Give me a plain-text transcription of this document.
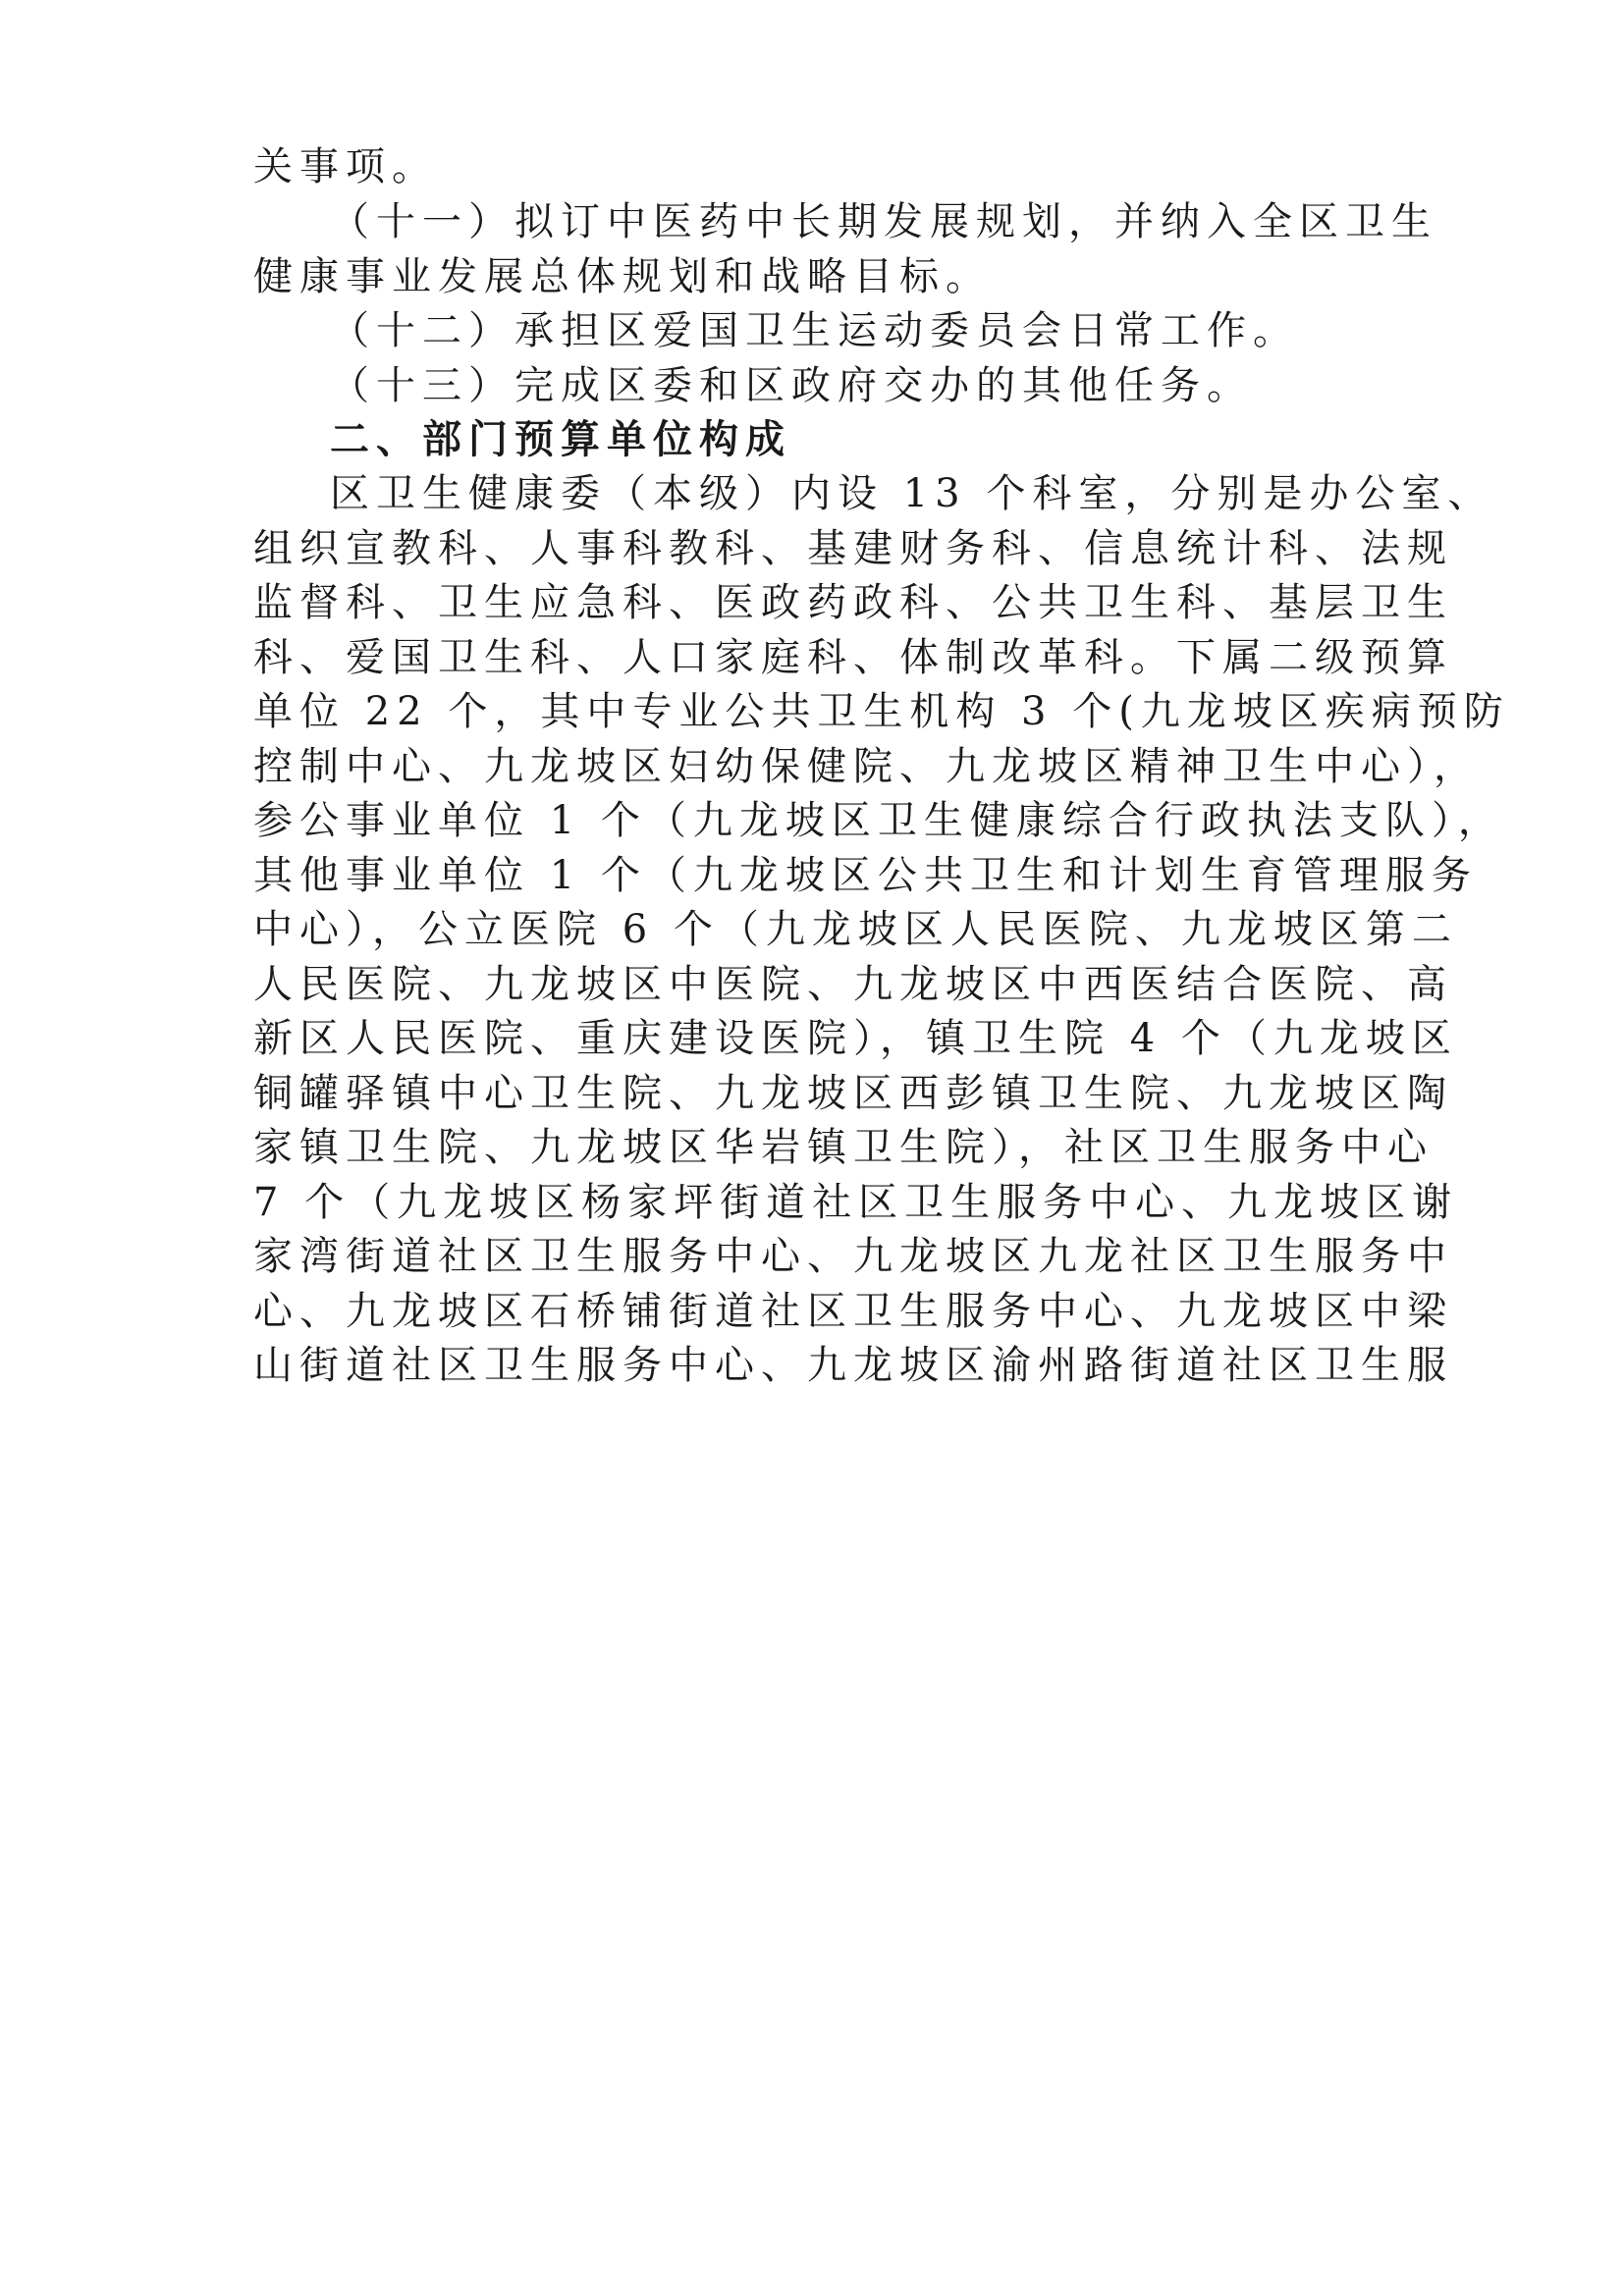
关事项。
（十一）拟订中医药中长期发展规划，并纳入全区卫生
健康事业发展总体规划和战略目标。
（十二）承担区爱国卫生运动委员会日常工作。
（十三）完成区委和区政府交办的其他任务。
二、部门预算单位构成
区卫生健康委（本级）内设 13 个科室，分别是办公室、
组织宣教科、人事科教科、基建财务科、信息统计科、法规
监督科、卫生应急科、医政药政科、公共卫生科、基层卫生
科、爱国卫生科、人口家庭科、体制改革科。下属二级预算
单位 22 个，其中专业公共卫生机构 3 个(九龙坡区疾病预防
控制中心、九龙坡区妇幼保健院、九龙坡区精神卫生中心），
参公事业单位 1 个（九龙坡区卫生健康综合行政执法支队），
其他事业单位 1 个（九龙坡区公共卫生和计划生育管理服务
中心），公立医院 6 个（九龙坡区人民医院、九龙坡区第二
人民医院、九龙坡区中医院、九龙坡区中西医结合医院、高
新区人民医院、重庆建设医院），镇卫生院 4 个（九龙坡区
铜罐驿镇中心卫生院、九龙坡区西彭镇卫生院、九龙坡区陶
家镇卫生院、九龙坡区华岩镇卫生院），社区卫生服务中心
7 个（九龙坡区杨家坪街道社区卫生服务中心、九龙坡区谢
家湾街道社区卫生服务中心、九龙坡区九龙社区卫生服务中
心、九龙坡区石桥铺街道社区卫生服务中心、九龙坡区中梁
山街道社区卫生服务中心、九龙坡区渝州路街道社区卫生服
